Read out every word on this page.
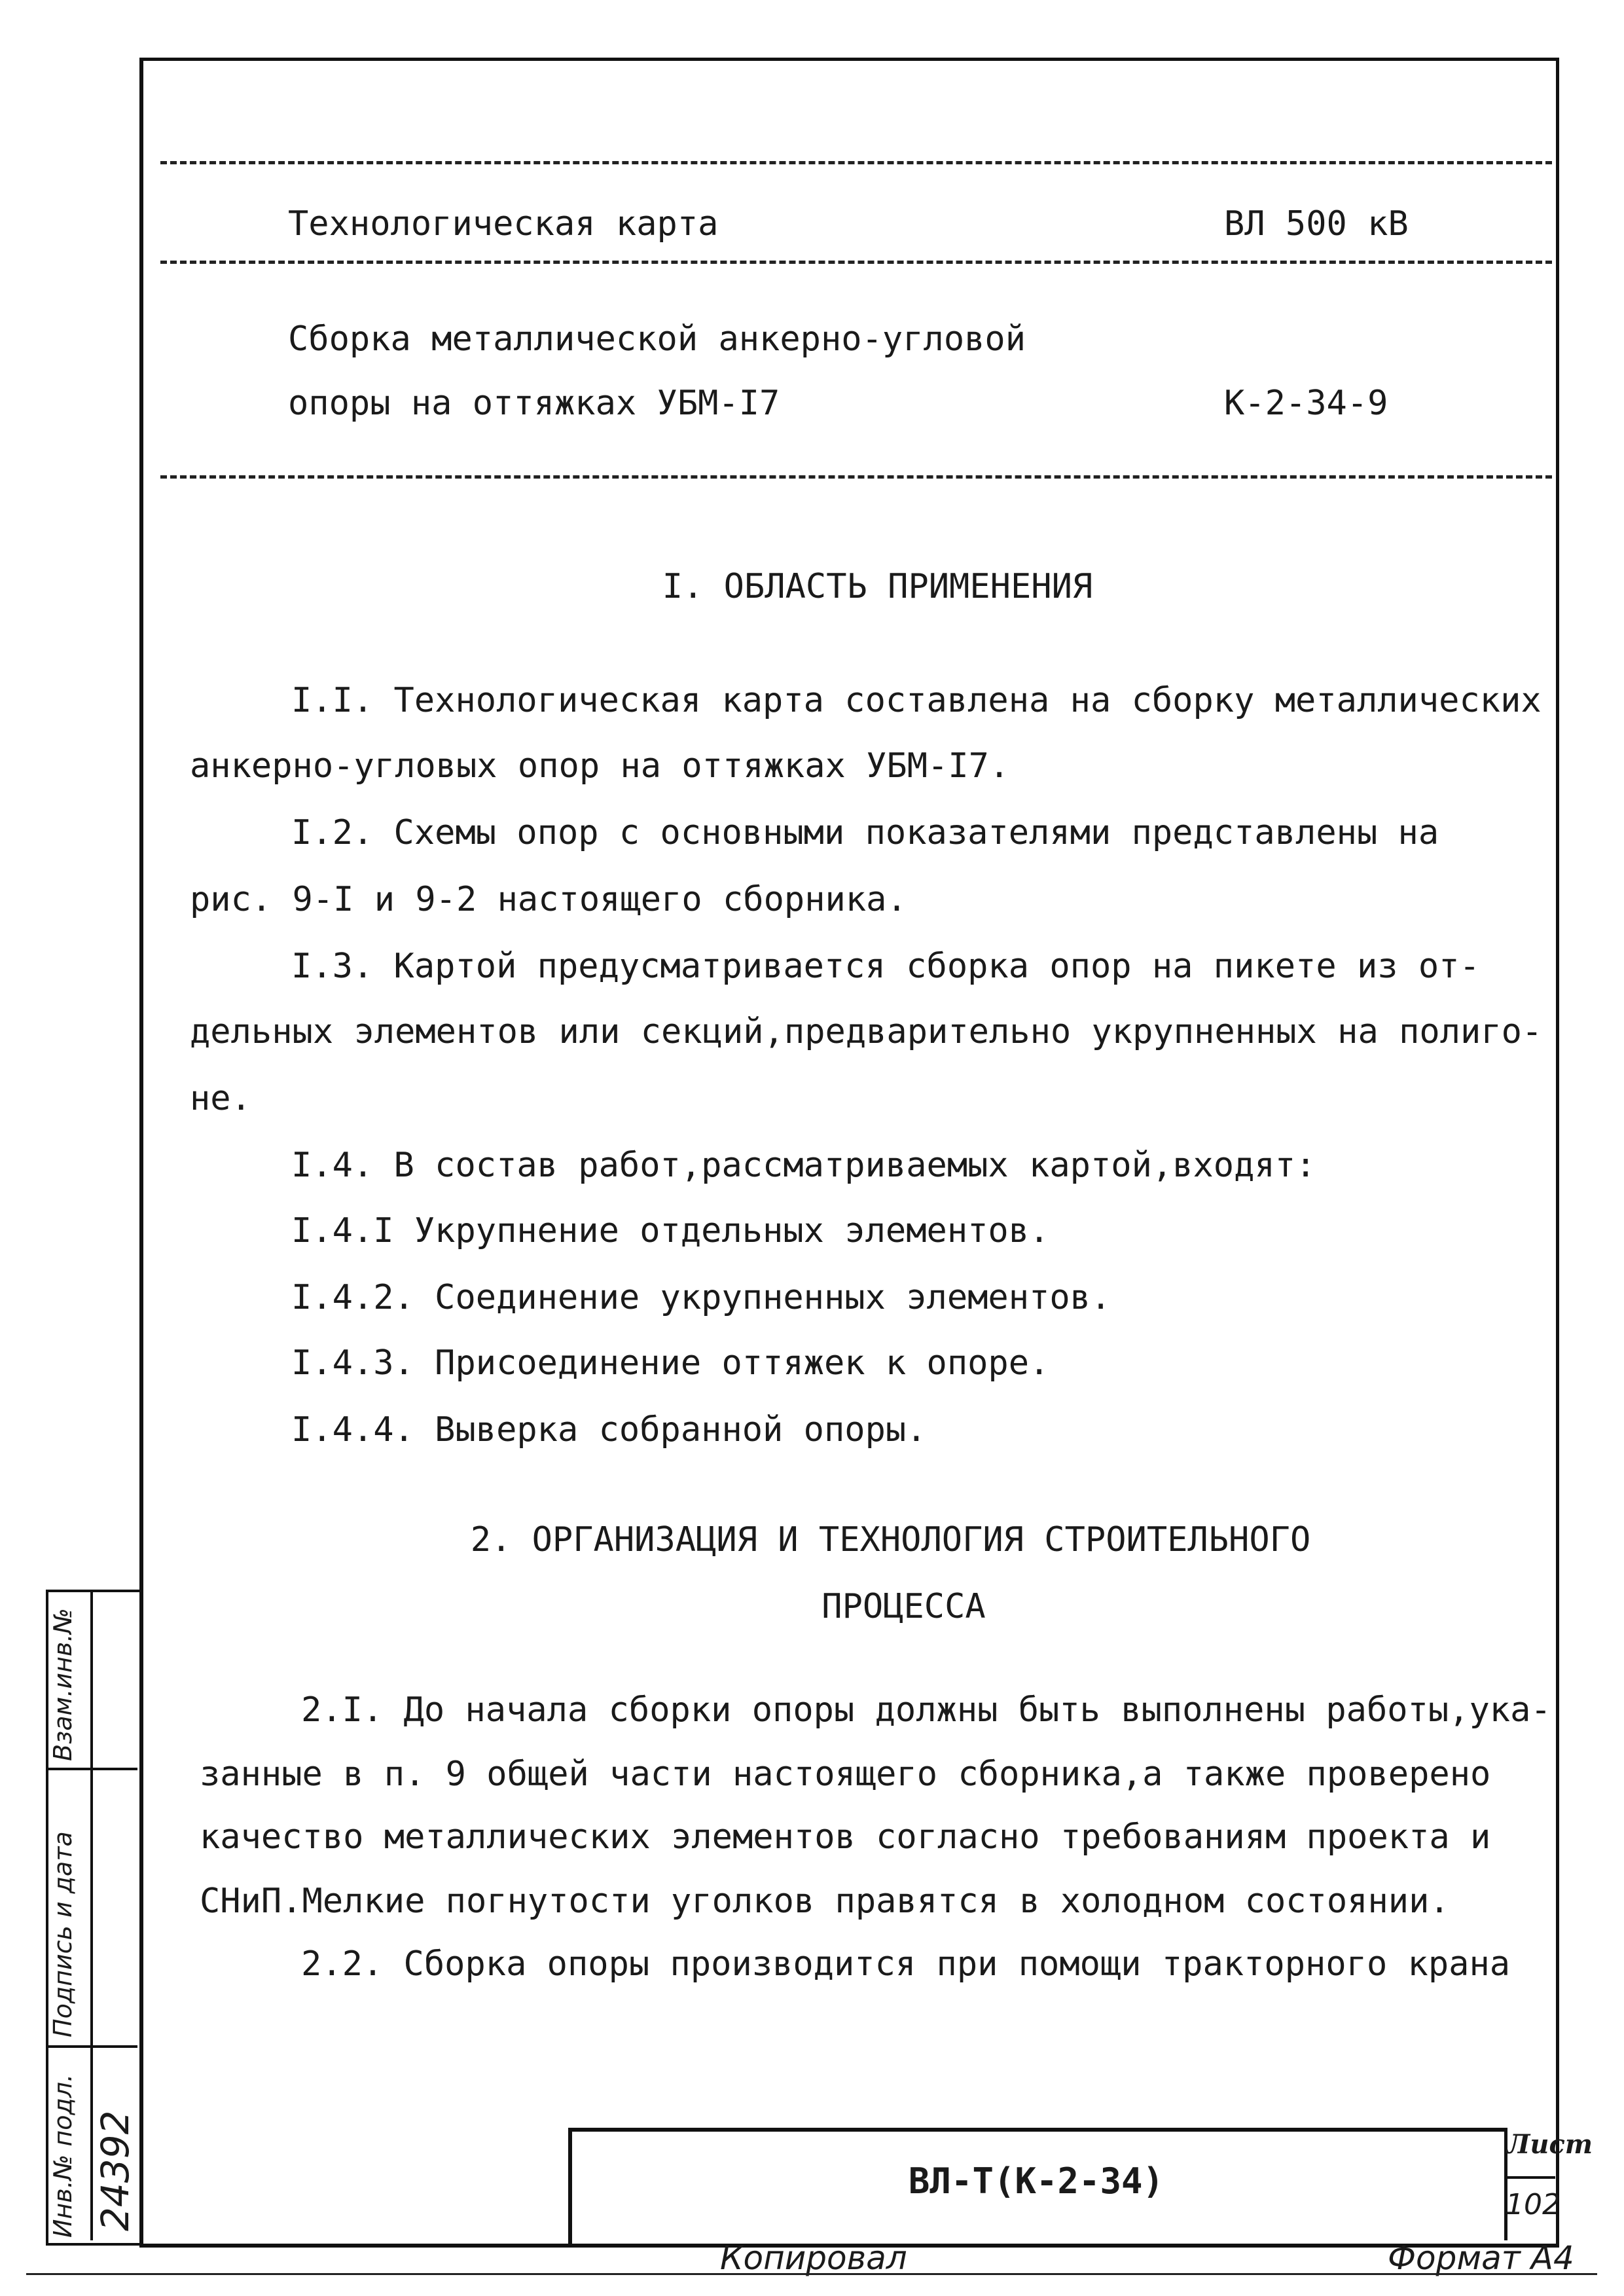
Технологическая карта	ВЛ 500 кВ
Сборка металлической анкерно-угловой
опоры на оттяжках УБМ-I7	К-2-34-9
I. ОБЛАСТЬ ПРИМЕНЕНИЯ
I.I. Технологическая карта составлена на сборку металлических
анкерно-угловых опор на оттяжках УБМ-I7.
I.2. Схемы опор с основными показателями представлены на
рис. 9-I и 9-2 настоящего сборника.
I.3. Картой предусматривается сборка опор на пикете из от-
дельных элементов или секций,предварительно укрупненных на полиго-
не.
I.4. В состав работ,рассматриваемых картой,входят:
I.4.I Укрупнение отдельных элементов.
I.4.2. Соединение укрупненных элементов.
I.4.3. Присоединение оттяжек к опоре.
I.4.4. Выверка собранной опоры.
2. ОРГАНИЗАЦИЯ И ТЕХНОЛОГИЯ СТРОИТЕЛЬНОГО
ПРОЦЕССА
2.I. До начала сборки опоры должны быть выполнены работы,ука-
занные в п. 9 общей части настоящего сборника,а также проверено
качество металлических элементов согласно требованиям проекта и
СНиП.Мелкие погнутости уголков правятся в холодном состоянии.
2.2. Сборка опоры производится при помощи тракторного крана
ВЛ-Т(К-2-34)
Лист
102
Взам.инв.№
Подпись и дата
Инв.№ подл. 24392
Копировал	Формат А4
